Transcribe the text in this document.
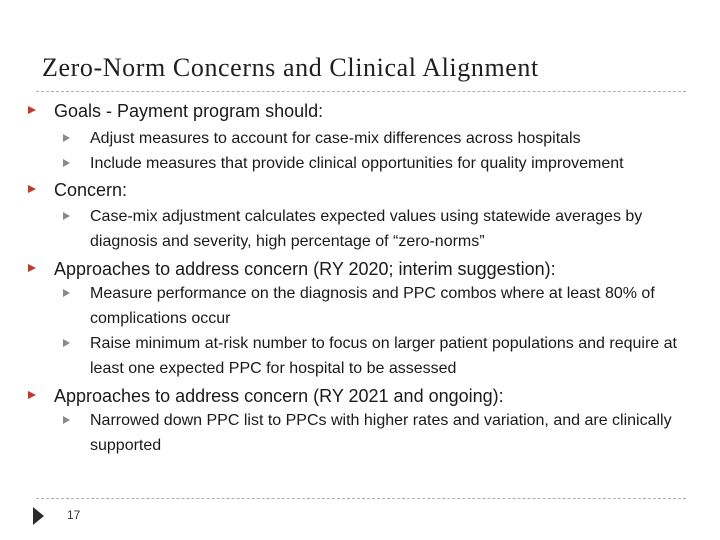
Zero-Norm Concerns and Clinical Alignment
Goals - Payment program should:
Adjust measures to account for case-mix differences across hospitals
Include measures that provide clinical opportunities for quality improvement
Concern:
Case-mix adjustment calculates expected values using statewide averages by diagnosis and severity, high percentage of “zero-norms”
Approaches to address concern (RY 2020; interim suggestion):
Measure performance on the diagnosis and PPC combos where at least 80% of complications occur
Raise minimum at-risk number to focus on larger patient populations and require at least one expected PPC for hospital to be assessed
Approaches to address concern (RY 2021 and ongoing):
Narrowed down PPC list to PPCs with higher rates and variation, and are clinically supported
17
